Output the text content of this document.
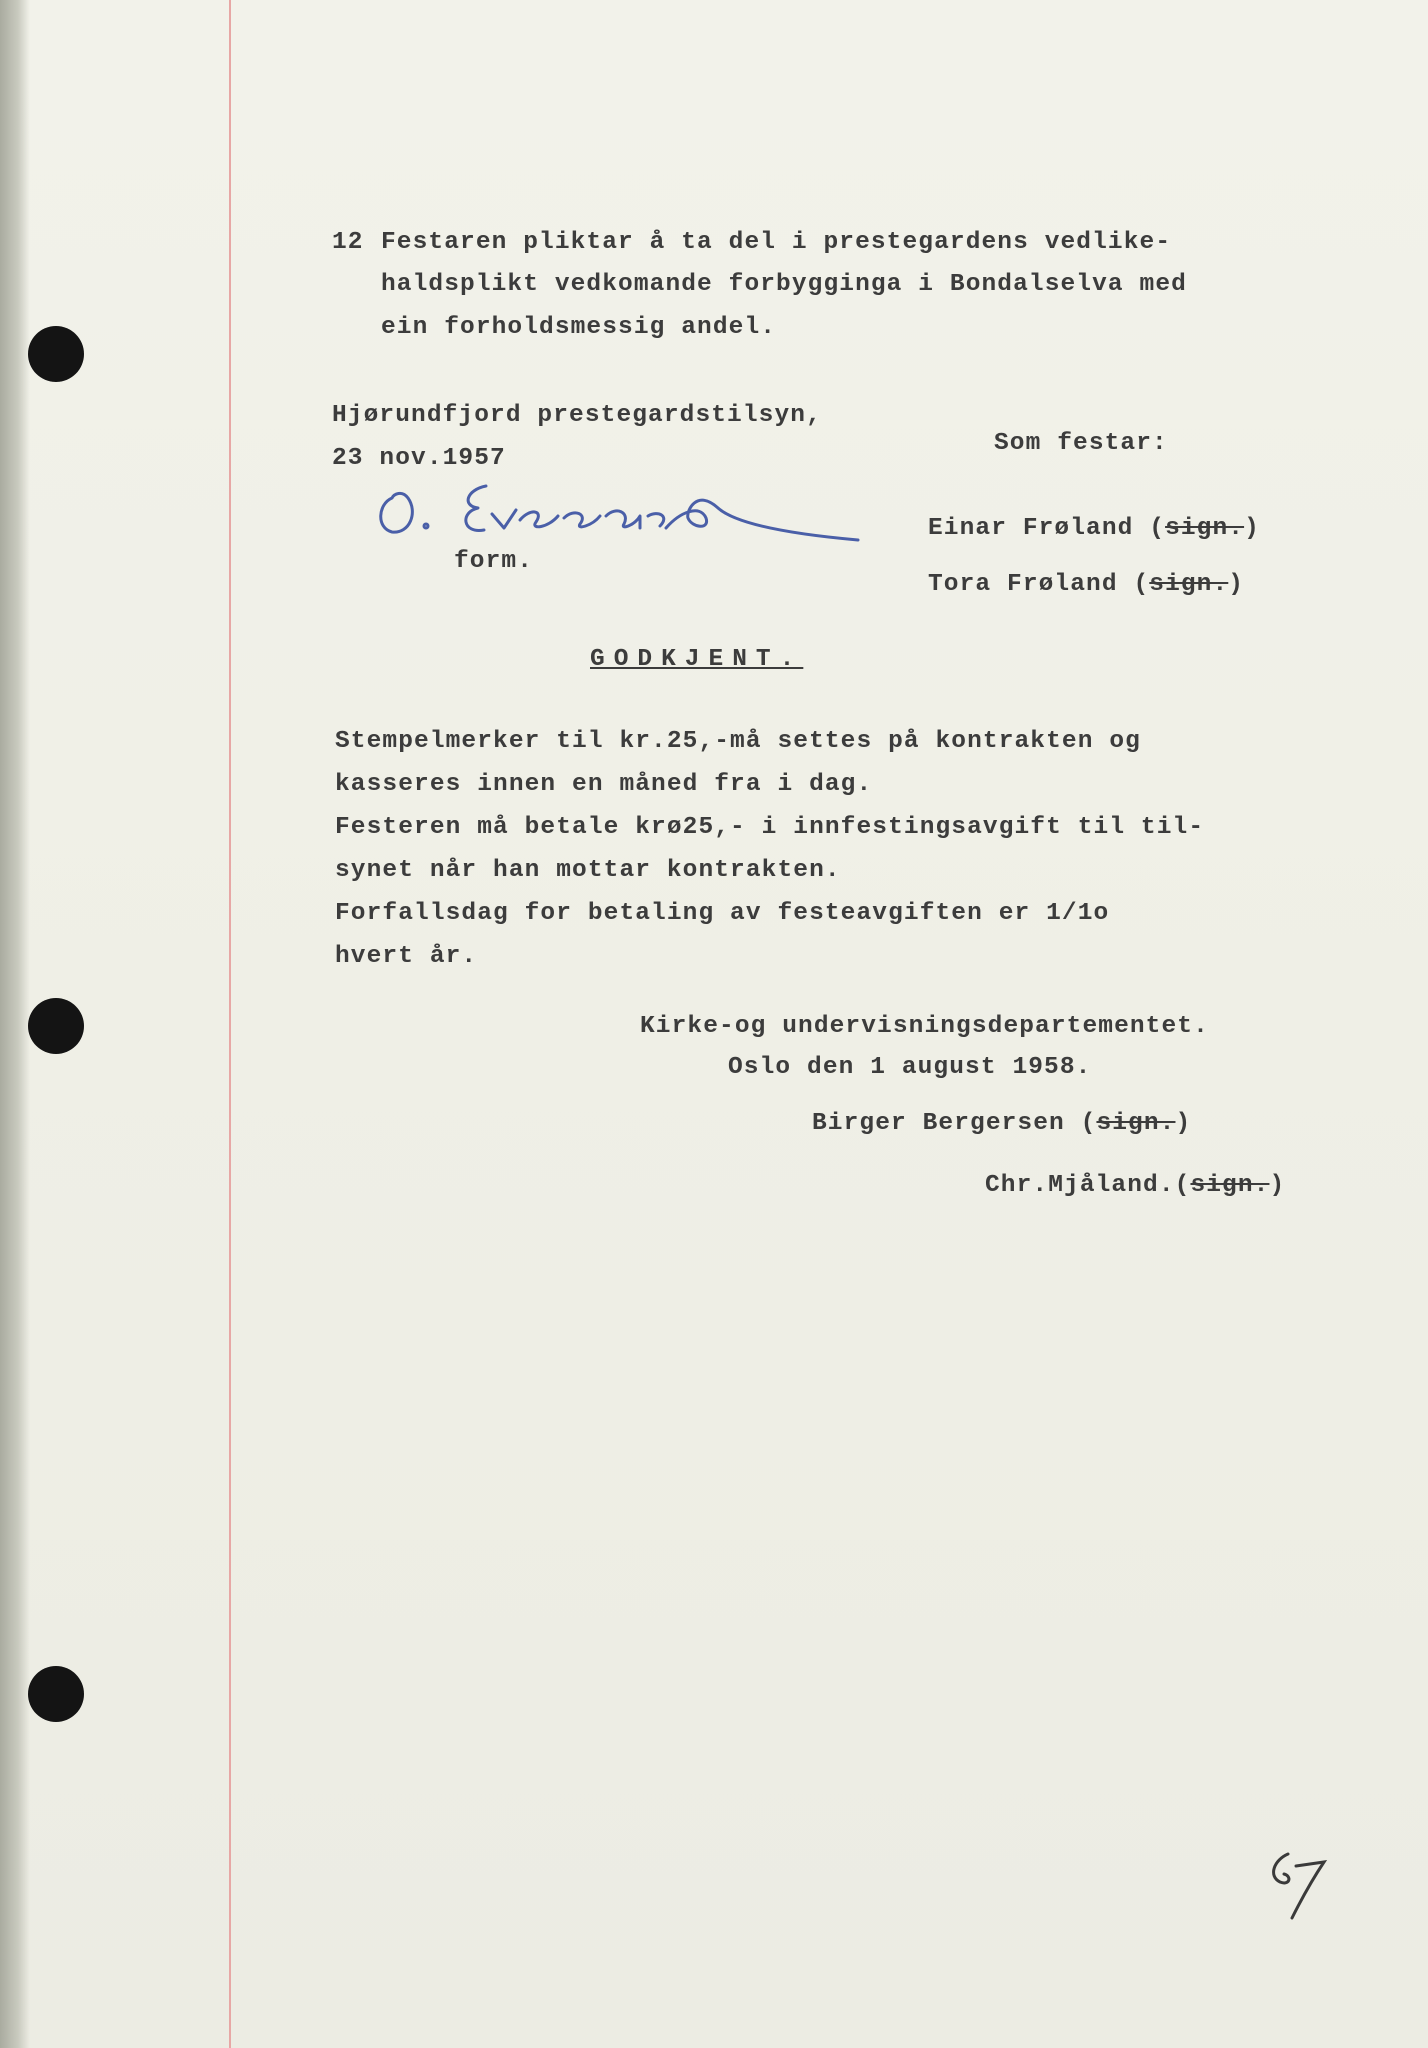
12 Festaren pliktar å ta del i prestegardens vedlike-
haldsplikt vedkomande forbygginga i Bondalselva med
ein forholdsmessig andel.
Hjørundfjord prestegardstilsyn,
23 nov.1957
form.
Som festar:
Einar Frøland (sign.)
Tora Frøland (sign.)
GODKJENT.
Stempelmerker til kr.25,-må settes på kontrakten og
kasseres innen en måned fra i dag.
Festeren må betale krø25,- i innfestingsavgift til til-
synet når han mottar kontrakten.
Forfallsdag for betaling av festeavgiften er 1/1o
hvert år.
Kirke-og undervisningsdepartementet.
Oslo den 1 august 1958.
Birger Bergersen (sign.)
Chr.Mjåland.(sign.)
